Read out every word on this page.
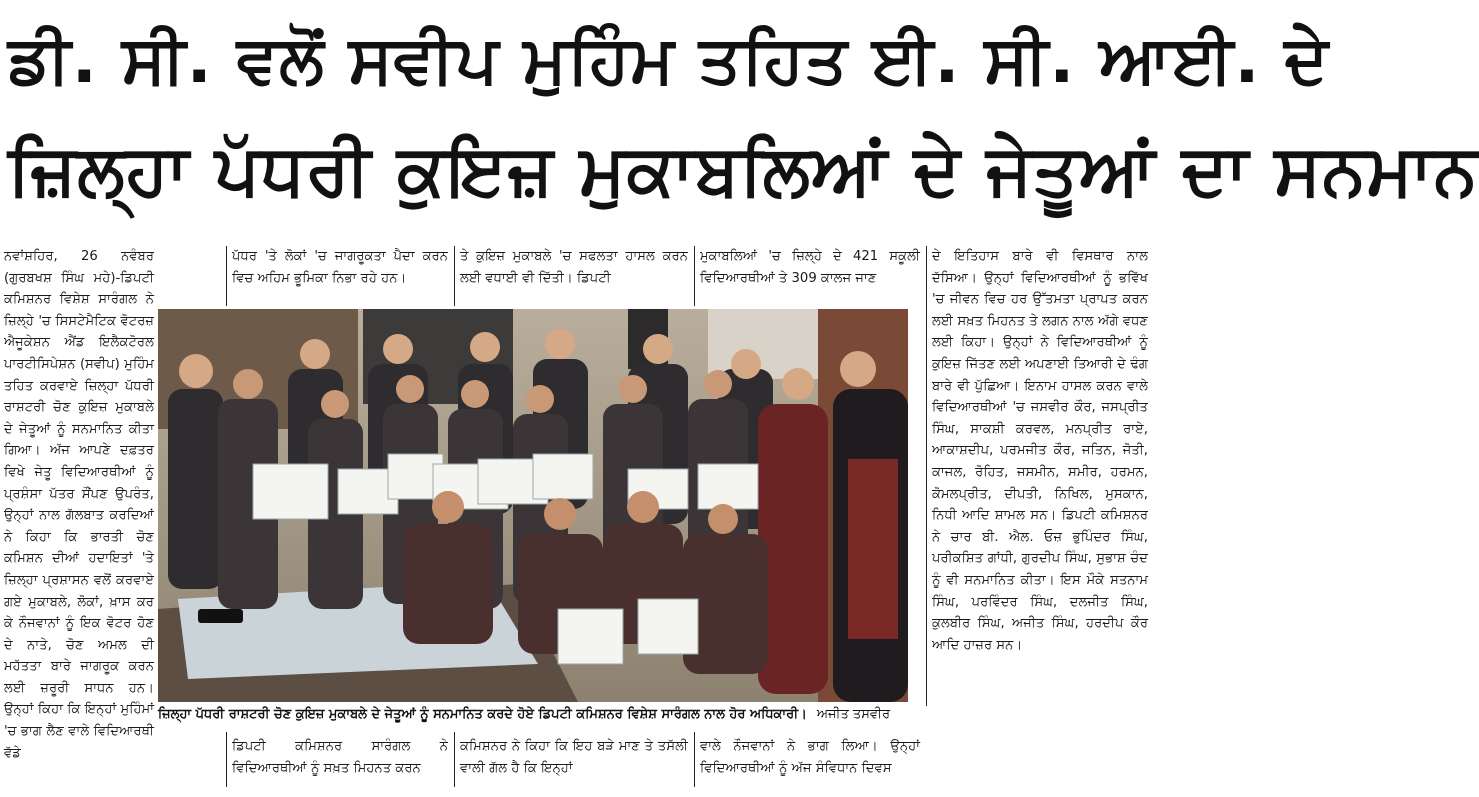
ਡੀ. ਸੀ. ਵਲੋਂ ਸਵੀਪ ਮੁਹਿੰਮ ਤਹਿਤ ਈ. ਸੀ. ਆਈ. ਦੇ
ਜ਼ਿਲ੍ਹਾ ਪੱਧਰੀ ਕੁਇਜ਼ ਮੁਕਾਬਲਿਆਂ ਦੇ ਜੇਤੂਆਂ ਦਾ ਸਨਮਾਨ

ਨਵਾਂਸ਼ਹਿਰ, 26 ਨਵੰਬਰ (ਗੁਰਬਖਸ਼ ਸਿੰਘ ਮਹੇ)-ਡਿਪਟੀ ਕਮਿਸ਼ਨਰ ਵਿਸ਼ੇਸ਼ ਸਾਰੰਗਲ ਨੇ ਜ਼ਿਲ੍ਹੇ 'ਚ ਸਿਸਟੇਮੈਟਿਕ ਵੋਟਰਜ਼ ਐਜੂਕੇਸ਼ਨ ਐਂਡ ਇਲੈਕਟੋਰਲ ਪਾਰਟੀਸਿਪੇਸ਼ਨ (ਸਵੀਪ) ਮੁਹਿੰਮ ਤਹਿਤ ਕਰਵਾਏ ਜ਼ਿਲ੍ਹਾ ਪੱਧਰੀ ਰਾਸ਼ਟਰੀ ਚੋਣ ਕੁਇਜ਼ ਮੁਕਾਬਲੇ ਦੇ ਜੇਤੂਆਂ ਨੂੰ ਸਨਮਾਨਿਤ ਕੀਤਾ ਗਿਆ। ਅੱਜ ਆਪਣੇ ਦਫ਼ਤਰ ਵਿਖੇ ਜੇਤੂ ਵਿਦਿਆਰਥੀਆਂ ਨੂੰ ਪ੍ਰਸ਼ੰਸਾ ਪੱਤਰ ਸੌਂਪਣ ਉਪਰੰਤ, ਉਨ੍ਹਾਂ ਨਾਲ ਗੱਲਬਾਤ ਕਰਦਿਆਂ ਨੇ ਕਿਹਾ ਕਿ ਭਾਰਤੀ ਚੋਣ ਕਮਿਸ਼ਨ ਦੀਆਂ ਹਦਾਇਤਾਂ 'ਤੇ ਜ਼ਿਲ੍ਹਾ ਪ੍ਰਸ਼ਾਸਨ ਵਲੋਂ ਕਰਵਾਏ ਗਏ ਮੁਕਾਬਲੇ, ਲੋਕਾਂ, ਖ਼ਾਸ ਕਰ ਕੇ ਨੌਜਵਾਨਾਂ ਨੂੰ ਇਕ ਵੋਟਰ ਹੋਣ ਦੇ ਨਾਤੇ, ਚੋਣ ਅਮਲ ਦੀ ਮਹੱਤਤਾ ਬਾਰੇ ਜਾਗਰੂਕ ਕਰਨ ਲਈ ਜ਼ਰੂਰੀ ਸਾਧਨ ਹਨ। ਉਨ੍ਹਾਂ ਕਿਹਾ ਕਿ ਇਨ੍ਹਾਂ ਮੁਹਿੰਮਾਂ 'ਚ ਭਾਗ ਲੈਣ ਵਾਲੇ ਵਿਦਿਆਰਥੀ ਵੱਡੇ

ਪੱਧਰ 'ਤੇ ਲੋਕਾਂ 'ਚ ਜਾਗਰੂਕਤਾ ਪੈਦਾ ਕਰਨ ਵਿਚ ਅਹਿਮ ਭੂਮਿਕਾ ਨਿਭਾ ਰਹੇ ਹਨ।

ਤੇ ਕੁਇਜ਼ ਮੁਕਾਬਲੇ 'ਚ ਸਫਲਤਾ ਹਾਸਲ ਕਰਨ ਲਈ ਵਧਾਈ ਵੀ ਦਿੱਤੀ। ਡਿਪਟੀ

ਮੁਕਾਬਲਿਆਂ 'ਚ ਜ਼ਿਲ੍ਹੇ ਦੇ 421 ਸਕੂਲੀ ਵਿਦਿਆਰਥੀਆਂ ਤੇ 309 ਕਾਲਜ ਜਾਣ

ਦੇ ਇਤਿਹਾਸ ਬਾਰੇ ਵੀ ਵਿਸਥਾਰ ਨਾਲ ਦੱਸਿਆ। ਉਨ੍ਹਾਂ ਵਿਦਿਆਰਥੀਆਂ ਨੂੰ ਭਵਿੱਖ 'ਚ ਜੀਵਨ ਵਿਚ ਹਰ ਉੱਤਮਤਾ ਪ੍ਰਾਪਤ ਕਰਨ ਲਈ ਸਖ਼ਤ ਮਿਹਨਤ ਤੇ ਲਗਨ ਨਾਲ ਅੱਗੇ ਵਧਣ ਲਈ ਕਿਹਾ। ਉਨ੍ਹਾਂ ਨੇ ਵਿਦਿਆਰਥੀਆਂ ਨੂੰ ਕੁਇਜ਼ ਜਿੱਤਣ ਲਈ ਅਪਣਾਈ ਤਿਆਰੀ ਦੇ ਢੰਗ ਬਾਰੇ ਵੀ ਪੁੱਛਿਆ। ਇਨਾਮ ਹਾਸਲ ਕਰਨ ਵਾਲੇ ਵਿਦਿਆਰਥੀਆਂ 'ਚ ਜਸਵੀਰ ਕੌਰ, ਜਸਪ੍ਰੀਤ ਸਿੰਘ, ਸਾਕਸ਼ੀ ਕਰਵਲ, ਮਨਪ੍ਰੀਤ ਰਾਏ, ਆਕਾਸ਼ਦੀਪ, ਪਰਮਜੀਤ ਕੌਰ, ਜਤਿਨ, ਜੋਤੀ, ਕਾਜਲ, ਰੋਹਿਤ, ਜਸਮੀਨ, ਸਮੀਰ, ਹਰਮਨ, ਕੋਮਲਪ੍ਰੀਤ, ਦੀਪਤੀ, ਨਿਖਿਲ, ਮੁਸਕਾਨ, ਨਿਧੀ ਆਦਿ ਸ਼ਾਮਲ ਸਨ। ਡਿਪਟੀ ਕਮਿਸ਼ਨਰ ਨੇ ਚਾਰ ਬੀ. ਐਲ. ਓਜ਼ ਭੁਪਿੰਦਰ ਸਿੰਘ, ਪਰੀਕਸ਼ਿਤ ਗਾਂਧੀ, ਗੁਰਦੀਪ ਸਿੰਘ, ਸੁਭਾਸ਼ ਚੰਦ ਨੂੰ ਵੀ ਸਨਮਾਨਿਤ ਕੀਤਾ। ਇਸ ਮੌਕੇ ਸਤਨਾਮ ਸਿੰਘ, ਪਰਵਿੰਦਰ ਸਿੰਘ, ਦਲਜੀਤ ਸਿੰਘ, ਕੁਲਬੀਰ ਸਿੰਘ, ਅਜੀਤ ਸਿੰਘ, ਹਰਦੀਪ ਕੌਰ ਆਦਿ ਹਾਜ਼ਰ ਸਨ।

ਡਿਪਟੀ ਕਮਿਸ਼ਨਰ ਸਾਰੰਗਲ ਨੇ ਵਿਦਿਆਰਥੀਆਂ ਨੂੰ ਸਖ਼ਤ ਮਿਹਨਤ ਕਰਨ

ਕਮਿਸ਼ਨਰ ਨੇ ਕਿਹਾ ਕਿ ਇਹ ਬੜੇ ਮਾਣ ਤੇ ਤਸੱਲੀ ਵਾਲੀ ਗੱਲ ਹੈ ਕਿ ਇਨ੍ਹਾਂ

ਵਾਲੇ ਨੌਜਵਾਨਾਂ ਨੇ ਭਾਗ ਲਿਆ। ਉਨ੍ਹਾਂ ਵਿਦਿਆਰਥੀਆਂ ਨੂੰ ਅੱਜ ਸੰਵਿਧਾਨ ਦਿਵਸ

ਜ਼ਿਲ੍ਹਾ ਪੱਧਰੀ ਰਾਸ਼ਟਰੀ ਚੋਣ ਕੁਇਜ਼ ਮੁਕਾਬਲੇ ਦੇ ਜੇਤੂਆਂ ਨੂੰ ਸਨਮਾਨਿਤ ਕਰਦੇ ਹੋਏ ਡਿਪਟੀ ਕਮਿਸ਼ਨਰ ਵਿਸ਼ੇਸ਼ ਸਾਰੰਗਲ ਨਾਲ ਹੋਰ ਅਧਿਕਾਰੀ। ਅਜੀਤ ਤਸਵੀਰ
